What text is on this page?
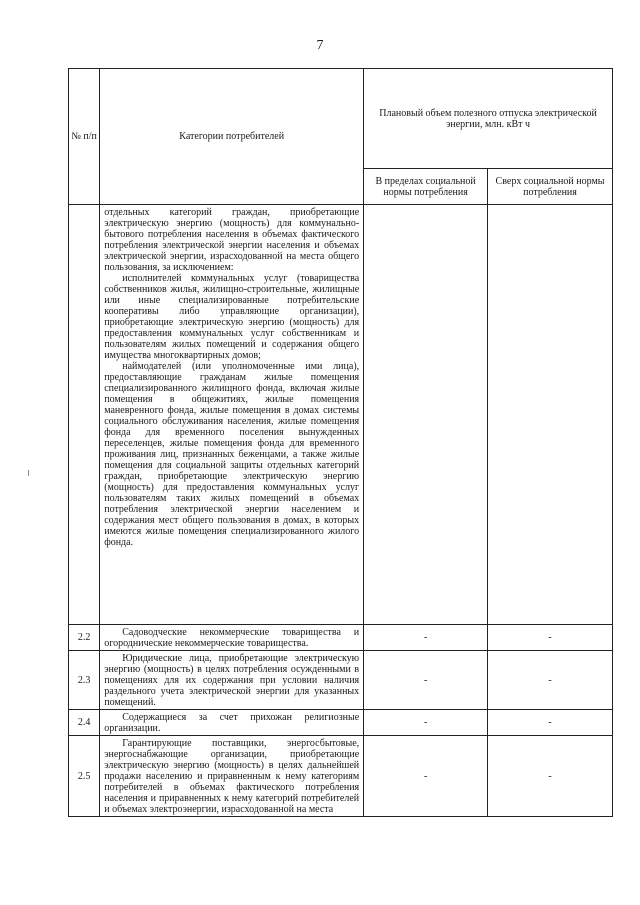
7
№ п/п	Категории потребителей	Плановый объем полезного отпуска электрической энергии, млн. кВт ч	
		В пределах социальной нормы потребления	Сверх социальной нормы потребления

	отдельных категорий граждан, приобретающие электрическую энергию (мощность) для коммунально-бытового потребления населения в объемах фактического потребления электрической энергии населения и объемах электрической энергии, израсходованной на места общего пользования, за исключением:

исполнителей коммунальных услуг (товарищества собственников жилья, жилищно-строительные, жилищные или иные специализированные потребительские кооперативы либо управляющие организации), приобретающие электрическую энергию (мощность) для предоставления коммунальных услуг собственникам и пользователям жилых помещений и содержания общего имущества многоквартирных домов;

наймодателей (или уполномоченные ими лица), предоставляющие гражданам жилые помещения специализированного жилищного фонда, включая жилые помещения в общежитиях, жилые помещения маневренного фонда, жилые помещения в домах системы социального обслуживания населения, жилые помещения фонда для временного поселения вынужденных переселенцев, жилые помещения фонда для временного проживания лиц, признанных беженцами, а также жилые помещения для социальной защиты отдельных категорий граждан, приобретающие электрическую энергию (мощность) для предоставления коммунальных услуг пользователям таких жилых помещений в объемах потребления электрической энергии населением и содержания мест общего пользования в домах, в которых имеются жилые помещения специализированного жилого фонда.		

2.2	Садоводческие некоммерческие товарищества и огороднические некоммерческие товарищества.	-	-
2.3	Юридические лица, приобретающие электрическую энергию (мощность) в целях потребления осужденными в помещениях для их содержания при условии наличия раздельного учета электрической энергии для указанных помещений.	-	-
2.4	Содержащиеся за счет прихожан религиозные организации.	-	-
2.5	Гарантирующие поставщики, энергосбытовые, энергоснабжающие организации, приобретающие электрическую энергию (мощность) в целях дальнейшей продажи населению и приравненным к нему категориям потребителей в объемах фактического потребления населения и приравненных к нему категорий потребителей и объемах электроэнергии, израсходованной на места	-	-
